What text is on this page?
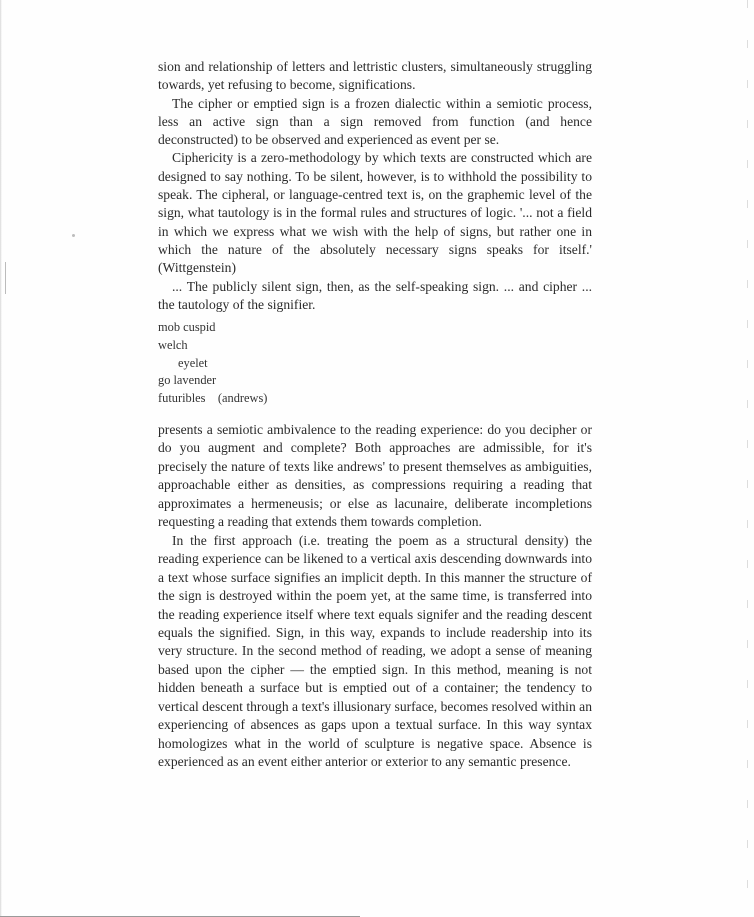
sion and relationship of letters and lettristic clusters, simultaneously struggling towards, yet refusing to become, significations.

The cipher or emptied sign is a frozen dialectic within a semiotic process, less an active sign than a sign removed from function (and hence deconstructed) to be observed and experienced as event per se.

Ciphericity is a zero-methodology by which texts are constructed which are designed to say nothing. To be silent, however, is to withhold the possibility to speak. The cipheral, or language-centred text is, on the graphemic level of the sign, what tautology is in the formal rules and structures of logic. '... not a field in which we express what we wish with the help of signs, but rather one in which the nature of the absolutely necessary signs speaks for itself.' (Wittgenstein)

... The publicly silent sign, then, as the self-speaking sign. ... and cipher ... the tautology of the signifier.

mob cuspid
welch
eyelet
go lavender
futuribles (andrews)

presents a semiotic ambivalence to the reading experience: do you decipher or do you augment and complete? Both approaches are admissible, for it's precisely the nature of texts like andrews' to present themselves as ambiguities, approachable either as densities, as compressions requiring a reading that approximates a hermeneusis; or else as lacunaire, deliberate incompletions requesting a reading that extends them towards completion.

In the first approach (i.e. treating the poem as a structural density) the reading experience can be likened to a vertical axis descending downwards into a text whose surface signifies an implicit depth. In this manner the structure of the sign is destroyed within the poem yet, at the same time, is transferred into the reading experience itself where text equals signifer and the reading descent equals the signified. Sign, in this way, expands to include readership into its very structure. In the second method of reading, we adopt a sense of meaning based upon the cipher — the emptied sign. In this method, meaning is not hidden beneath a surface but is emptied out of a container; the tendency to vertical descent through a text's illusionary surface, becomes resolved within an experiencing of absences as gaps upon a textual surface. In this way syntax homologizes what in the world of sculpture is negative space. Absence is experienced as an event either anterior or exterior to any semantic presence.
